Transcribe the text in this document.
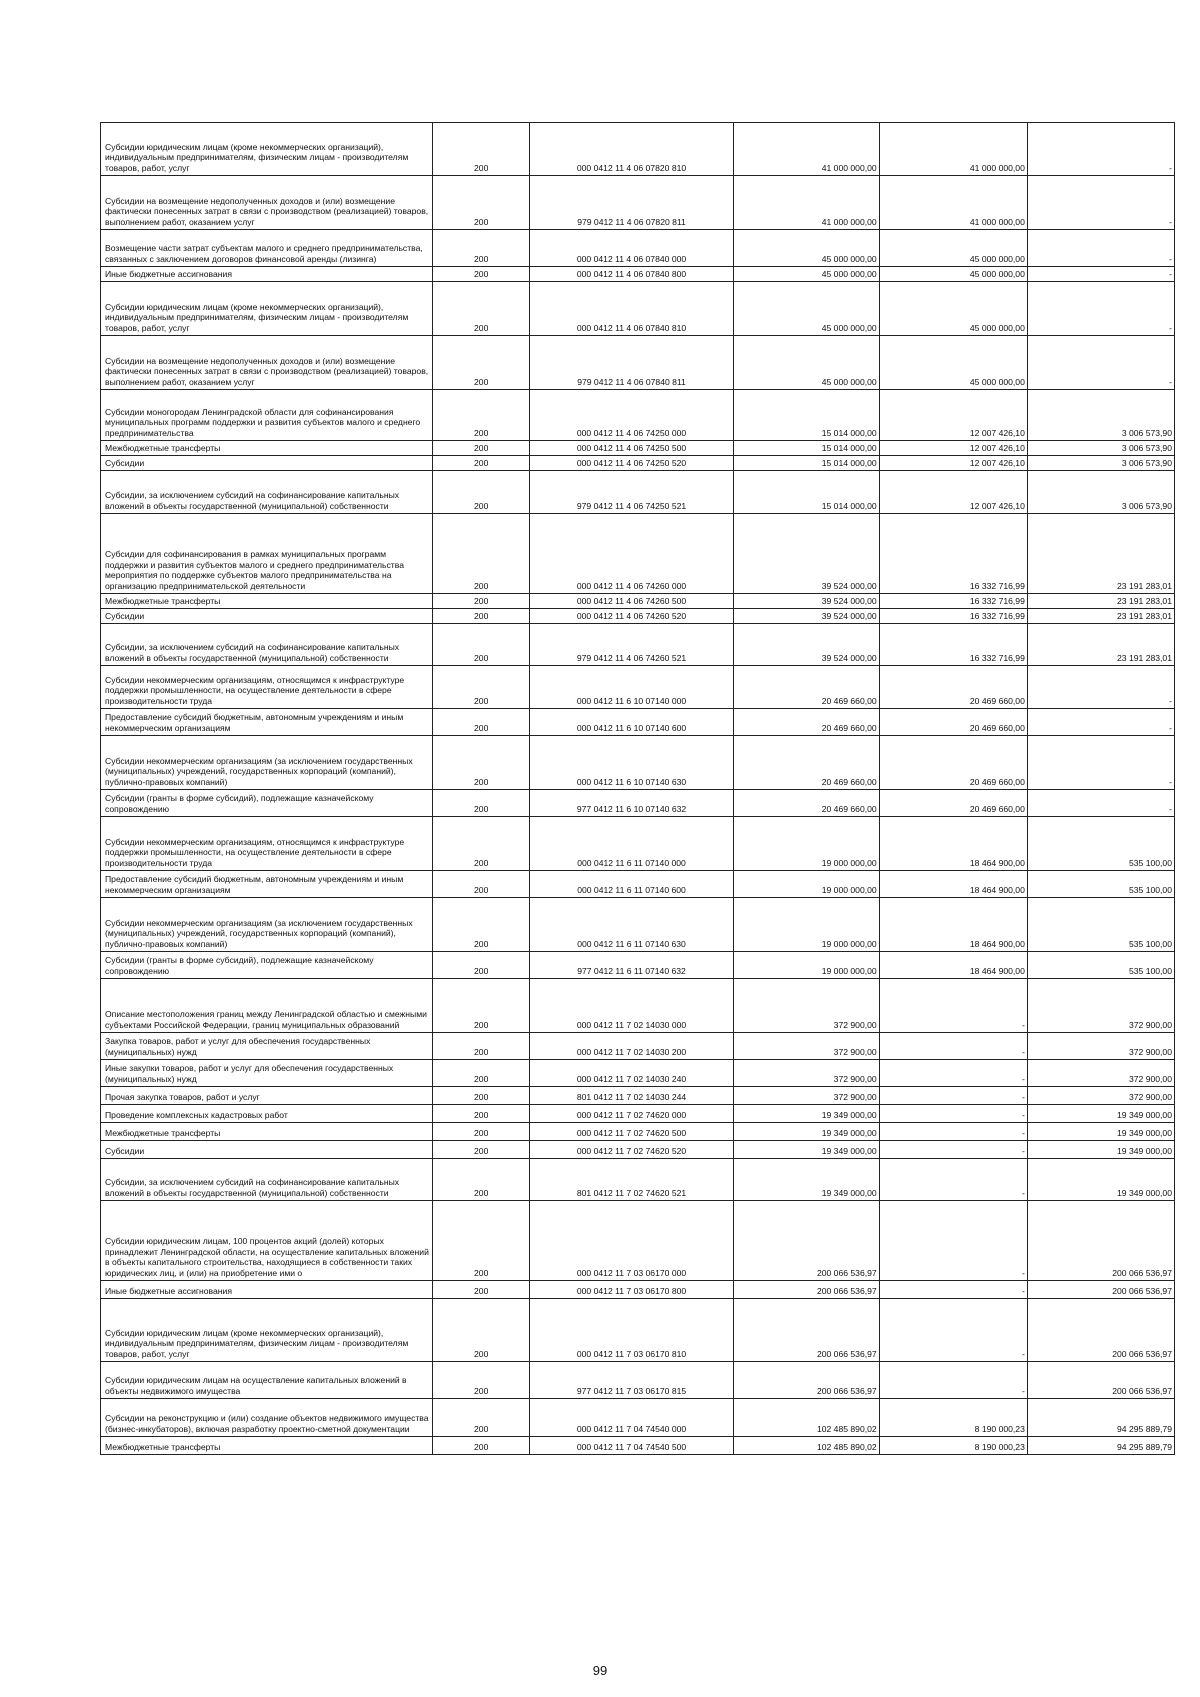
Субсидии юридическим лицам (кроме некоммерческих организаций), индивидуальным предпринимателям, физическим лицам - производителям товаров, работ, услуг	200	000 0412 11 4 06 07820 810	41 000 000,00	41 000 000,00	-
Субсидии на возмещение недополученных доходов и (или) возмещение фактически понесенных затрат в связи с производством (реализацией) товаров, выполнением работ, оказанием услуг	200	979 0412 11 4 06 07820 811	41 000 000,00	41 000 000,00	-
Возмещение части затрат субъектам малого и среднего предпринимательства, связанных с заключением договоров финансовой аренды (лизинга)	200	000 0412 11 4 06 07840 000	45 000 000,00	45 000 000,00	-
Иные бюджетные ассигнования	200	000 0412 11 4 06 07840 800	45 000 000,00	45 000 000,00	-
Субсидии юридическим лицам (кроме некоммерческих организаций), индивидуальным предпринимателям, физическим лицам - производителям товаров, работ, услуг	200	000 0412 11 4 06 07840 810	45 000 000,00	45 000 000,00	-
Субсидии на возмещение недополученных доходов и (или) возмещение фактически понесенных затрат в связи с производством (реализацией) товаров, выполнением работ, оказанием услуг	200	979 0412 11 4 06 07840 811	45 000 000,00	45 000 000,00	-
Субсидии моногородам Ленинградской области для софинансирования муниципальных программ поддержки и развития субъектов малого и среднего предпринимательства	200	000 0412 11 4 06 74250 000	15 014 000,00	12 007 426,10	3 006 573,90
Межбюджетные трансферты	200	000 0412 11 4 06 74250 500	15 014 000,00	12 007 426,10	3 006 573,90
Субсидии	200	000 0412 11 4 06 74250 520	15 014 000,00	12 007 426,10	3 006 573,90
Субсидии, за исключением субсидий на софинансирование капитальных вложений в объекты государственной (муниципальной) собственности	200	979 0412 11 4 06 74250 521	15 014 000,00	12 007 426,10	3 006 573,90
Субсидии для софинансирования в рамках муниципальных программ поддержки и развития субъектов малого и среднего предпринимательства мероприятия по поддержке субъектов малого предпринимательства на организацию предпринимательской деятельности	200	000 0412 11 4 06 74260 000	39 524 000,00	16 332 716,99	23 191 283,01
Межбюджетные трансферты	200	000 0412 11 4 06 74260 500	39 524 000,00	16 332 716,99	23 191 283,01
Субсидии	200	000 0412 11 4 06 74260 520	39 524 000,00	16 332 716,99	23 191 283,01
Субсидии, за исключением субсидий на софинансирование капитальных вложений в объекты государственной (муниципальной) собственности	200	979 0412 11 4 06 74260 521	39 524 000,00	16 332 716,99	23 191 283,01
Субсидии некоммерческим организациям, относящимся к инфраструктуре поддержки промышленности, на осуществление деятельности в сфере производительности труда	200	000 0412 11 6 10 07140 000	20 469 660,00	20 469 660,00	-
Предоставление субсидий бюджетным, автономным учреждениям и иным некоммерческим организациям	200	000 0412 11 6 10 07140 600	20 469 660,00	20 469 660,00	-
Субсидии некоммерческим организациям (за исключением государственных (муниципальных) учреждений, государственных корпораций (компаний), публично-правовых компаний)	200	000 0412 11 6 10 07140 630	20 469 660,00	20 469 660,00	-
Субсидии (гранты в форме субсидий), подлежащие казначейскому сопровождению	200	977 0412 11 6 10 07140 632	20 469 660,00	20 469 660,00	-
Субсидии некоммерческим организациям, относящимся к инфраструктуре поддержки промышленности, на осуществление деятельности в сфере производительности труда	200	000 0412 11 6 11 07140 000	19 000 000,00	18 464 900,00	535 100,00
Предоставление субсидий бюджетным, автономным учреждениям и иным некоммерческим организациям	200	000 0412 11 6 11 07140 600	19 000 000,00	18 464 900,00	535 100,00
Субсидии некоммерческим организациям (за исключением государственных (муниципальных) учреждений, государственных корпораций (компаний), публично-правовых компаний)	200	000 0412 11 6 11 07140 630	19 000 000,00	18 464 900,00	535 100,00
Субсидии (гранты в форме субсидий), подлежащие казначейскому сопровождению	200	977 0412 11 6 11 07140 632	19 000 000,00	18 464 900,00	535 100,00
Описание местоположения границ между Ленинградской областью и смежными субъектами Российской Федерации, границ муниципальных образований	200	000 0412 11 7 02 14030 000	372 900,00	-	372 900,00
Закупка товаров, работ и услуг для обеспечения государственных (муниципальных) нужд	200	000 0412 11 7 02 14030 200	372 900,00	-	372 900,00
Иные закупки товаров, работ и услуг для обеспечения государственных (муниципальных) нужд	200	000 0412 11 7 02 14030 240	372 900,00	-	372 900,00
Прочая закупка товаров, работ и услуг	200	801 0412 11 7 02 14030 244	372 900,00	-	372 900,00
Проведение комплексных кадастровых работ	200	000 0412 11 7 02 74620 000	19 349 000,00	-	19 349 000,00
Межбюджетные трансферты	200	000 0412 11 7 02 74620 500	19 349 000,00	-	19 349 000,00
Субсидии	200	000 0412 11 7 02 74620 520	19 349 000,00	-	19 349 000,00
Субсидии, за исключением субсидий на софинансирование капитальных вложений в объекты государственной (муниципальной) собственности	200	801 0412 11 7 02 74620 521	19 349 000,00	-	19 349 000,00
Субсидии юридическим лицам, 100 процентов акций (долей) которых принадлежит Ленинградской области, на осуществление капитальных вложений в объекты капитального строительства, находящиеся в собственности таких юридических лиц, и (или) на приобретение ими о	200	000 0412 11 7 03 06170 000	200 066 536,97	-	200 066 536,97
Иные бюджетные ассигнования	200	000 0412 11 7 03 06170 800	200 066 536,97	-	200 066 536,97
Субсидии юридическим лицам (кроме некоммерческих организаций), индивидуальным предпринимателям, физическим лицам - производителям товаров, работ, услуг	200	000 0412 11 7 03 06170 810	200 066 536,97	-	200 066 536,97
Субсидии юридическим лицам на осуществление капитальных вложений в объекты недвижимого имущества	200	977 0412 11 7 03 06170 815	200 066 536,97	-	200 066 536,97
Субсидии на реконструкцию и (или) создание объектов недвижимого имущества (бизнес-инкубаторов), включая разработку проектно-сметной документации	200	000 0412 11 7 04 74540 000	102 485 890,02	8 190 000,23	94 295 889,79
Межбюджетные трансферты	200	000 0412 11 7 04 74540 500	102 485 890,02	8 190 000,23	94 295 889,79
99
